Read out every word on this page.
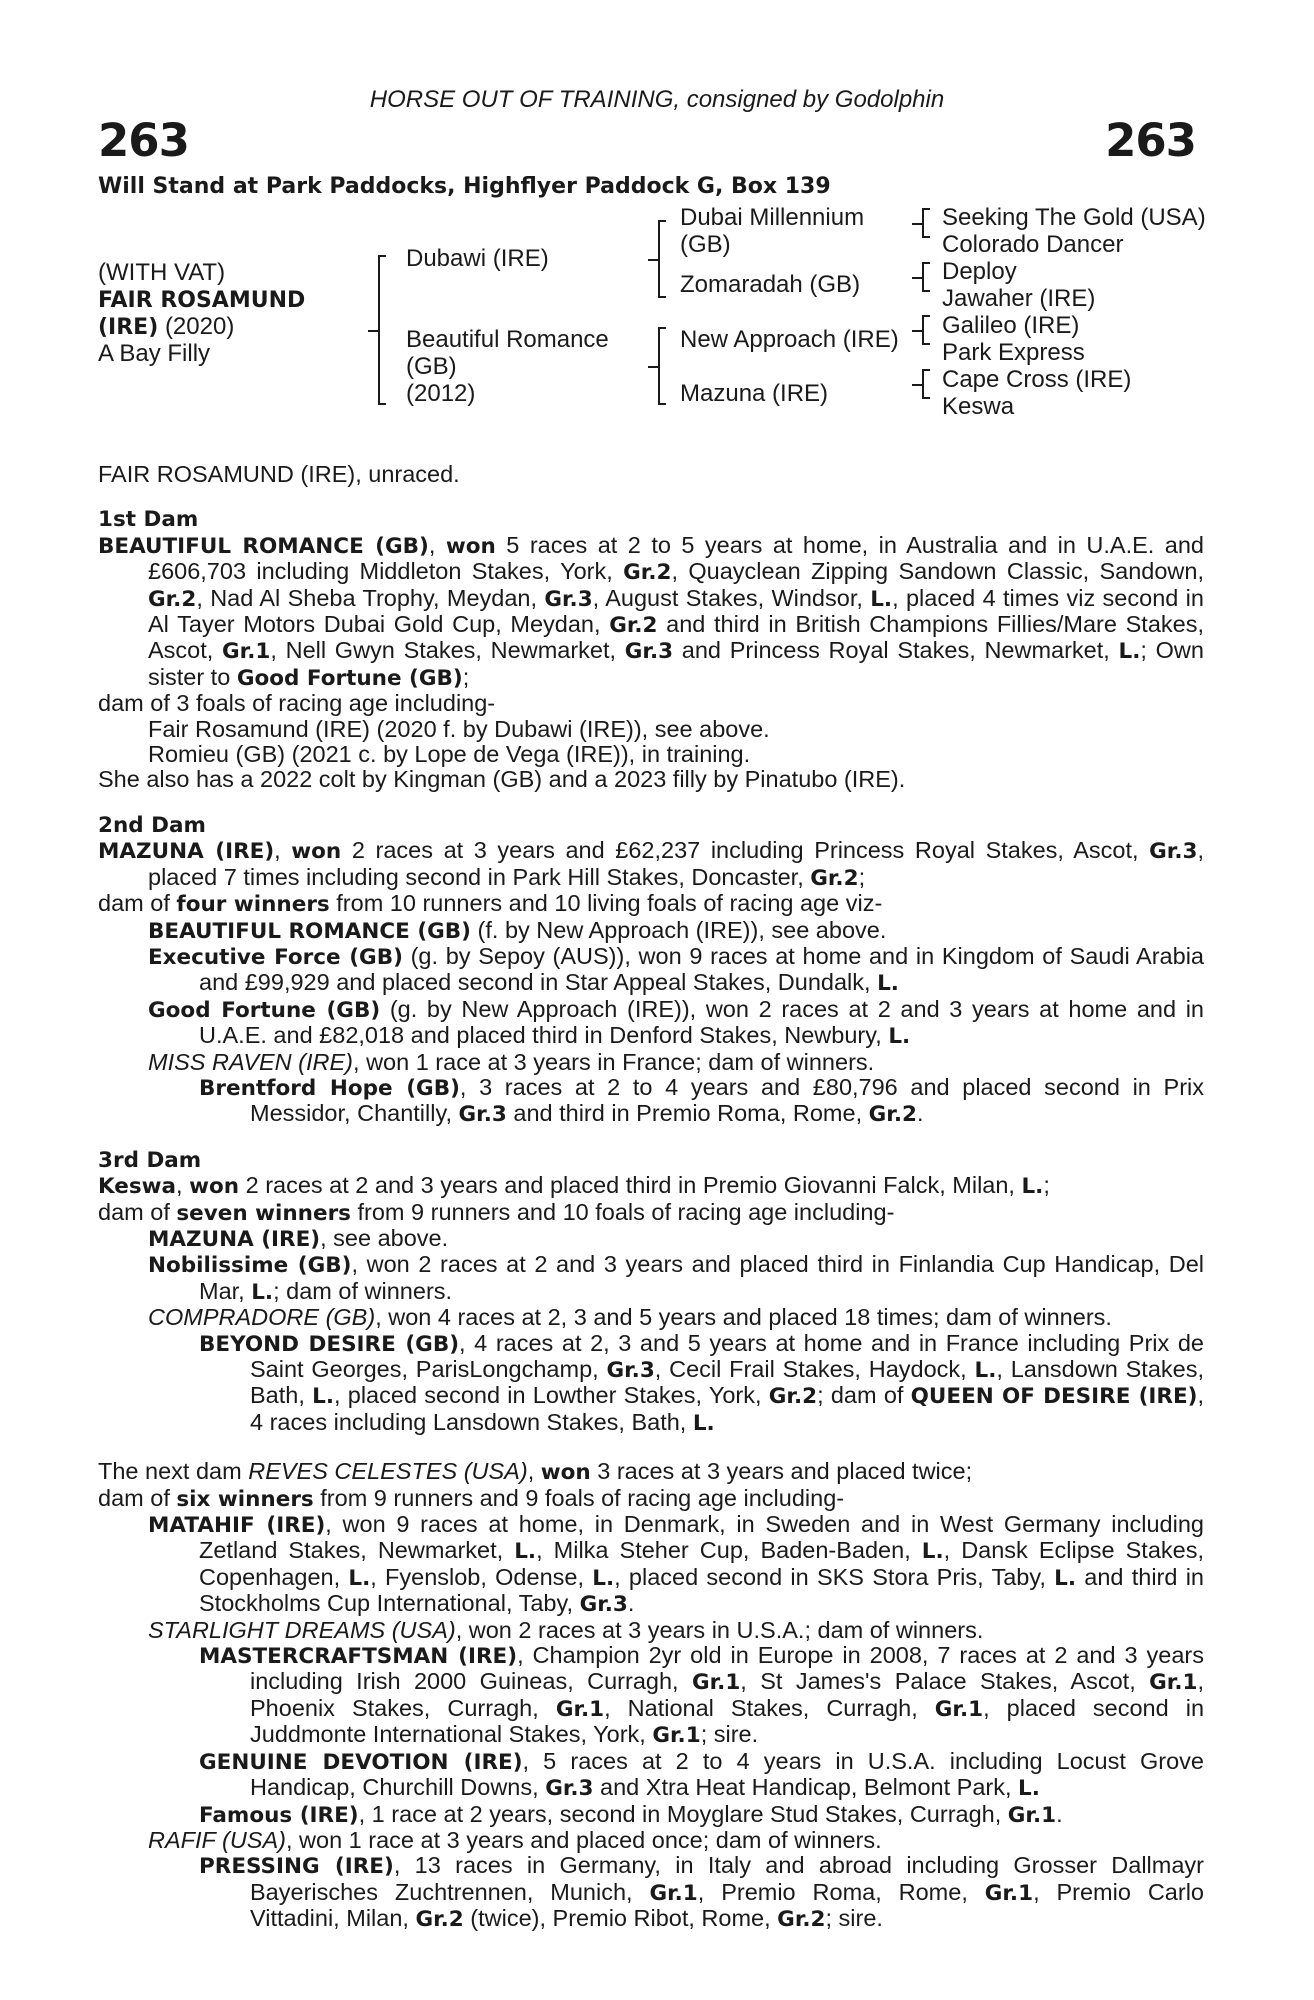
HORSE OUT OF TRAINING, consigned by Godolphin
263	263
Will Stand at Park Paddocks, Highflyer Paddock G, Box 139
(WITH VAT)
FAIR ROSAMUND
(IRE) (2020)
A Bay Filly
Dubawi (IRE)
Beautiful Romance
(GB)
(2012)
Dubai Millennium
(GB)
Zomaradah (GB)
New Approach (IRE)
Mazuna (IRE)
Seeking The Gold (USA)
Colorado Dancer
Deploy
Jawaher (IRE)
Galileo (IRE)
Park Express
Cape Cross (IRE)
Keswa

FAIR ROSAMUND (IRE), unraced.

1st Dam

BEAUTIFUL ROMANCE (GB), won 5 races at 2 to 5 years at home, in Australia and in U.A.E. and £606,703 including Middleton Stakes, York, Gr.2, Quayclean Zipping Sandown Classic, Sandown, Gr.2, Nad Al Sheba Trophy, Meydan, Gr.3, August Stakes, Windsor, L., placed 4 times viz second in Al Tayer Motors Dubai Gold Cup, Meydan, Gr.2 and third in British Champions Fillies/Mare Stakes, Ascot, Gr.1, Nell Gwyn Stakes, Newmarket, Gr.3 and Princess Royal Stakes, Newmarket, L.; Own sister to Good Fortune (GB);

dam of 3 foals of racing age including-

Fair Rosamund (IRE) (2020 f. by Dubawi (IRE)), see above.

Romieu (GB) (2021 c. by Lope de Vega (IRE)), in training.

She also has a 2022 colt by Kingman (GB) and a 2023 filly by Pinatubo (IRE).

2nd Dam

MAZUNA (IRE), won 2 races at 3 years and £62,237 including Princess Royal Stakes, Ascot, Gr.3, placed 7 times including second in Park Hill Stakes, Doncaster, Gr.2;

dam of four winners from 10 runners and 10 living foals of racing age viz-

BEAUTIFUL ROMANCE (GB) (f. by New Approach (IRE)), see above.

Executive Force (GB) (g. by Sepoy (AUS)), won 9 races at home and in Kingdom of Saudi Arabia and £99,929 and placed second in Star Appeal Stakes, Dundalk, L.

Good Fortune (GB) (g. by New Approach (IRE)), won 2 races at 2 and 3 years at home and in U.A.E. and £82,018 and placed third in Denford Stakes, Newbury, L.

MISS RAVEN (IRE), won 1 race at 3 years in France; dam of winners.

Brentford Hope (GB), 3 races at 2 to 4 years and £80,796 and placed second in Prix Messidor, Chantilly, Gr.3 and third in Premio Roma, Rome, Gr.2.

3rd Dam

Keswa, won 2 races at 2 and 3 years and placed third in Premio Giovanni Falck, Milan, L.;

dam of seven winners from 9 runners and 10 foals of racing age including-

MAZUNA (IRE), see above.

Nobilissime (GB), won 2 races at 2 and 3 years and placed third in Finlandia Cup Handicap, Del Mar, L.; dam of winners.

COMPRADORE (GB), won 4 races at 2, 3 and 5 years and placed 18 times; dam of winners.

BEYOND DESIRE (GB), 4 races at 2, 3 and 5 years at home and in France including Prix de Saint Georges, ParisLongchamp, Gr.3, Cecil Frail Stakes, Haydock, L., Lansdown Stakes, Bath, L., placed second in Lowther Stakes, York, Gr.2; dam of QUEEN OF DESIRE (IRE), 4 races including Lansdown Stakes, Bath, L.

The next dam REVES CELESTES (USA), won 3 races at 3 years and placed twice;

dam of six winners from 9 runners and 9 foals of racing age including-

MATAHIF (IRE), won 9 races at home, in Denmark, in Sweden and in West Germany including Zetland Stakes, Newmarket, L., Milka Steher Cup, Baden-Baden, L., Dansk Eclipse Stakes, Copenhagen, L., Fyenslob, Odense, L., placed second in SKS Stora Pris, Taby, L. and third in Stockholms Cup International, Taby, Gr.3.

STARLIGHT DREAMS (USA), won 2 races at 3 years in U.S.A.; dam of winners.

MASTERCRAFTSMAN (IRE), Champion 2yr old in Europe in 2008, 7 races at 2 and 3 years including Irish 2000 Guineas, Curragh, Gr.1, St James's Palace Stakes, Ascot, Gr.1, Phoenix Stakes, Curragh, Gr.1, National Stakes, Curragh, Gr.1, placed second in Juddmonte International Stakes, York, Gr.1; sire.

GENUINE DEVOTION (IRE), 5 races at 2 to 4 years in U.S.A. including Locust Grove Handicap, Churchill Downs, Gr.3 and Xtra Heat Handicap, Belmont Park, L.

Famous (IRE), 1 race at 2 years, second in Moyglare Stud Stakes, Curragh, Gr.1.

RAFIF (USA), won 1 race at 3 years and placed once; dam of winners.

PRESSING (IRE), 13 races in Germany, in Italy and abroad including Grosser Dallmayr Bayerisches Zuchtrennen, Munich, Gr.1, Premio Roma, Rome, Gr.1, Premio Carlo Vittadini, Milan, Gr.2 (twice), Premio Ribot, Rome, Gr.2; sire.
